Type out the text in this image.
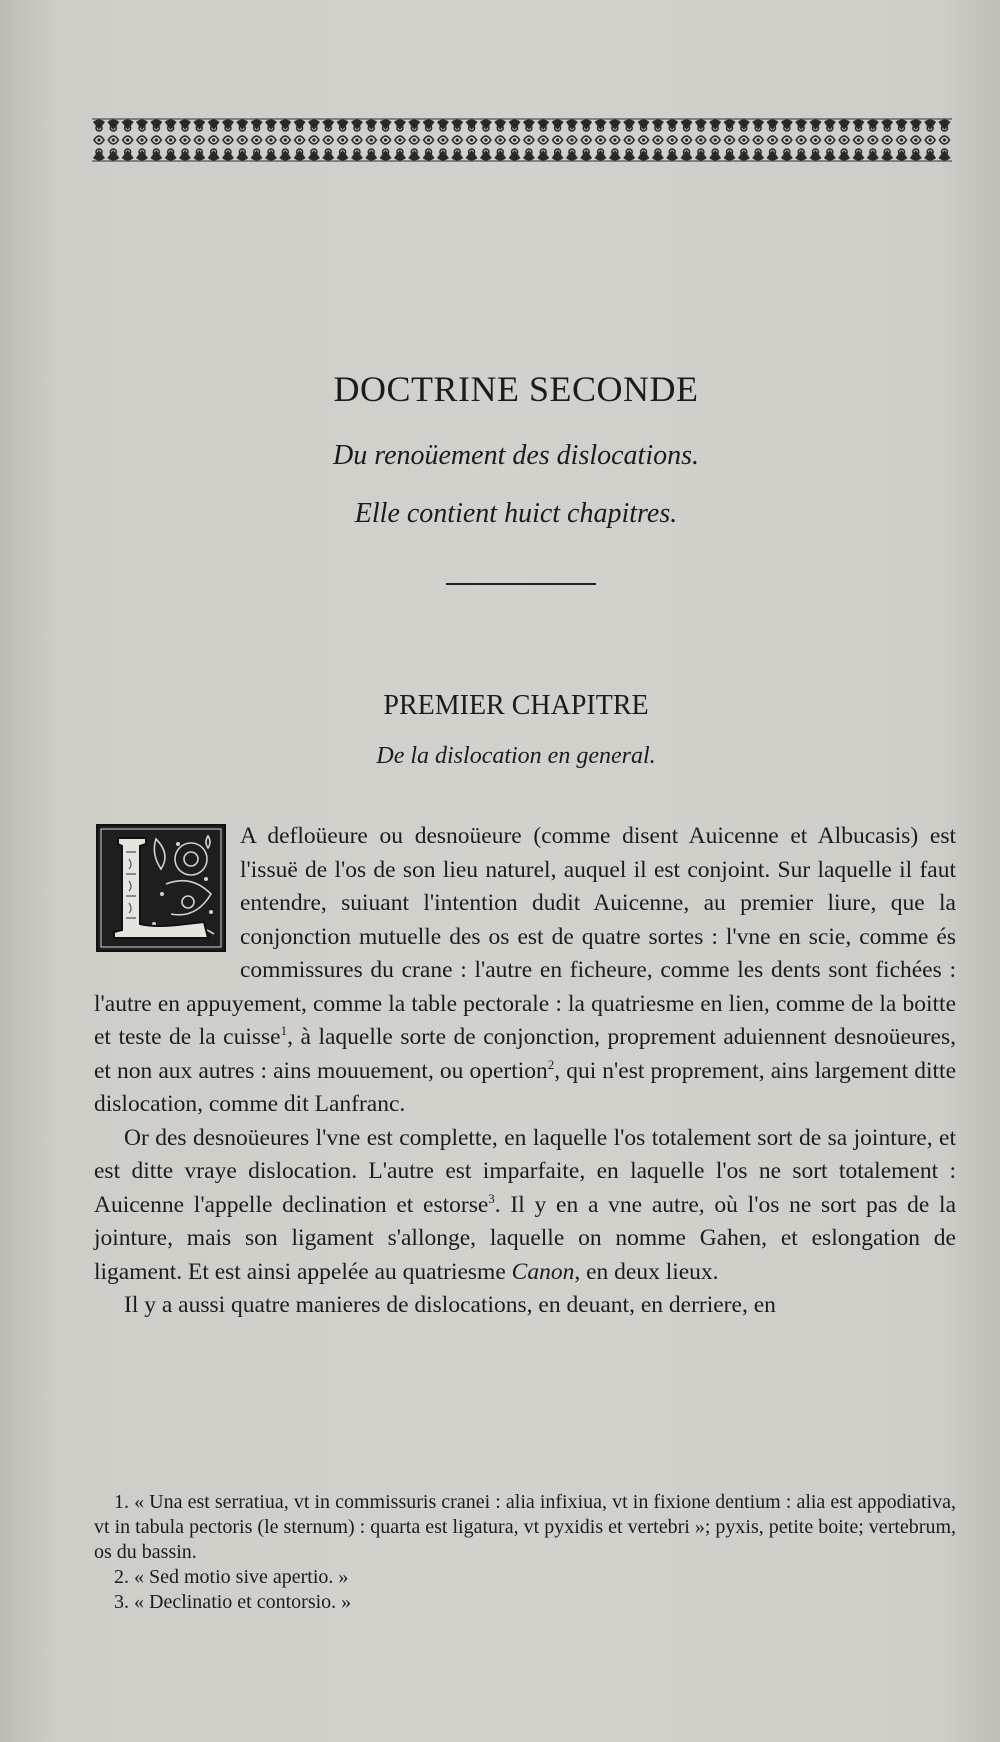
DOCTRINE SECONDE
Du renoüement des dislocations.
Elle contient huict chapitres.
PREMIER CHAPITRE
De la dislocation en general.

A defloüeure ou desnoüeure (comme disent Auicenne et Albucasis) est l'issuë de l'os de son lieu naturel, auquel il est conjoint. Sur laquelle il faut entendre, suiuant l'intention dudit Auicenne, au premier liure, que la conjonction mutuelle des os est de quatre sortes : l'vne en scie, comme és commissures du crane : l'autre en ficheure, comme les dents sont fichées : l'autre en appuyement, comme la table pectorale : la quatriesme en lien, comme de la boitte et teste de la cuisse$^1$, à laquelle sorte de conjonction, proprement aduiennent desnoüeures, et non aux autres : ains mouuement, ou opertion$^2$, qui n'est proprement, ains largement ditte dislocation, comme dit Lanfranc.

Or des desnoüeures l'vne est complette, en laquelle l'os totalement sort de sa jointure, et est ditte vraye dislocation. L'autre est imparfaite, en laquelle l'os ne sort totalement : Auicenne l'appelle declination et estorse$^3$. Il y en a vne autre, où l'os ne sort pas de la jointure, mais son ligament s'allonge, laquelle on nomme Gahen, et eslongation de ligament. Et est ainsi appelée au quatriesme Canon, en deux lieux.

Il y a aussi quatre manieres de dislocations, en deuant, en derriere, en

1. « Una est serratiua, vt in commissuris cranei : alia infixiua, vt in fixione dentium : alia est appodiativa, vt in tabula pectoris (le sternum) : quarta est ligatura, vt pyxidis et vertebri »; pyxis, petite boite; vertebrum, os du bassin.

2. « Sed motio sive apertio. »

3. « Declinatio et contorsio. »
